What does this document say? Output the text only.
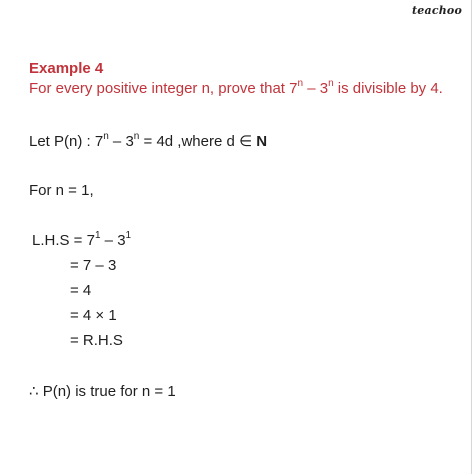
teachoo
Example 4
For every positive integer n, prove that 7$^n$ – 3$^n$ is divisible by 4.
Let P(n) : $7^n - 3^n = 4d$ ,where d ∈ N
For n = 1,
$L.H.S = 7^1 - 3^1$
= 7 – 3
= 4
= 4 × 1
= R.H.S
∴ P(n) is true for n = 1
